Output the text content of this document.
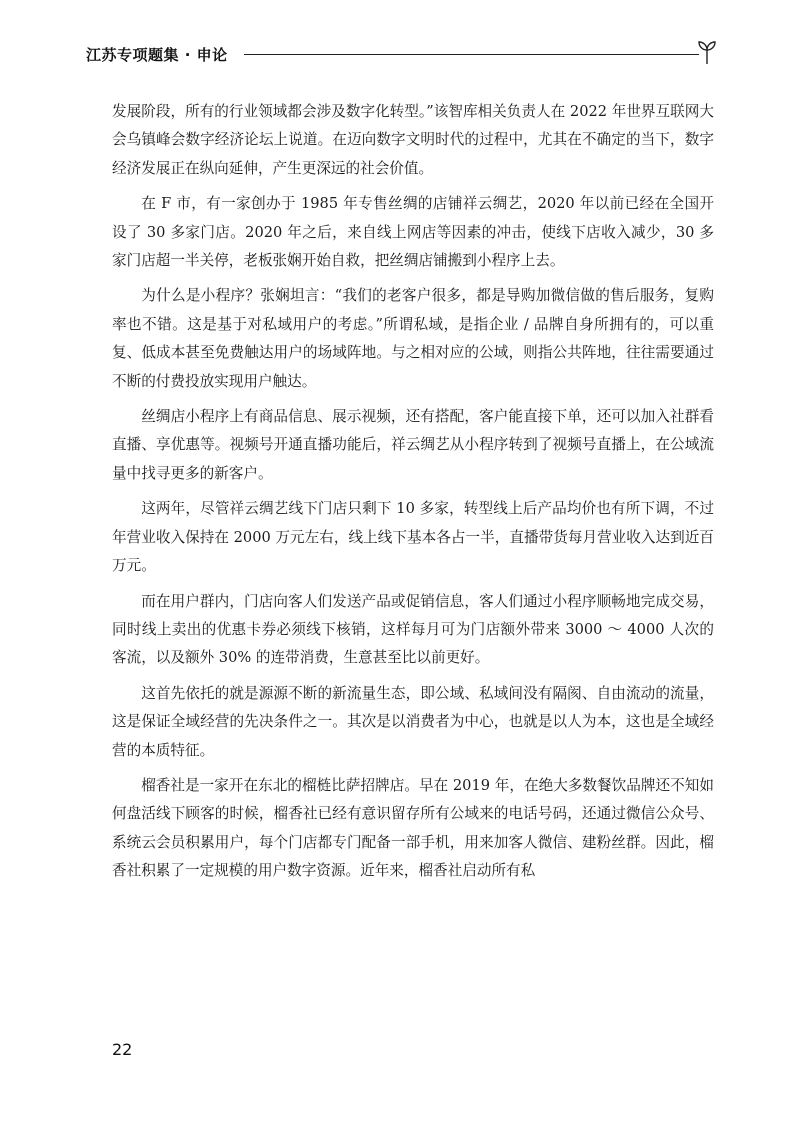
江苏专项题集 · 申论

发展阶段，所有的行业领域都会涉及数字化转型。”该智库相关负责人在 2022 年世界互联网大会乌镇峰会数字经济论坛上说道。在迈向数字文明时代的过程中，尤其在不确定的当下，数字经济发展正在纵向延伸，产生更深远的社会价值。

在 F 市，有一家创办于 1985 年专售丝绸的店铺祥云绸艺，2020 年以前已经在全国开设了 30 多家门店。2020 年之后，来自线上网店等因素的冲击，使线下店收入减少，30 多家门店超一半关停，老板张娴开始自救，把丝绸店铺搬到小程序上去。

为什么是小程序？张娴坦言：“我们的老客户很多，都是导购加微信做的售后服务，复购率也不错。这是基于对私域用户的考虑。”所谓私域，是指企业 / 品牌自身所拥有的，可以重复、低成本甚至免费触达用户的场域阵地。与之相对应的公域，则指公共阵地，往往需要通过不断的付费投放实现用户触达。

丝绸店小程序上有商品信息、展示视频，还有搭配，客户能直接下单，还可以加入社群看直播、享优惠等。视频号开通直播功能后，祥云绸艺从小程序转到了视频号直播上，在公域流量中找寻更多的新客户。

这两年，尽管祥云绸艺线下门店只剩下 10 多家，转型线上后产品均价也有所下调，不过年营业收入保持在 2000 万元左右，线上线下基本各占一半，直播带货每月营业收入达到近百万元。

而在用户群内，门店向客人们发送产品或促销信息，客人们通过小程序顺畅地完成交易，同时线上卖出的优惠卡券必须线下核销，这样每月可为门店额外带来 3000 ～ 4000 人次的客流，以及额外 30% 的连带消费，生意甚至比以前更好。

这首先依托的就是源源不断的新流量生态，即公域、私域间没有隔阂、自由流动的流量，这是保证全域经营的先决条件之一。其次是以消费者为中心，也就是以人为本，这也是全域经营的本质特征。

榴香社是一家开在东北的榴梿比萨招牌店。早在 2019 年，在绝大多数餐饮品牌还不知如何盘活线下顾客的时候，榴香社已经有意识留存所有公域来的电话号码，还通过微信公众号、系统云会员积累用户，每个门店都专门配备一部手机，用来加客人微信、建粉丝群。因此，榴香社积累了一定规模的用户数字资源。近年来，榴香社启动所有私

22
